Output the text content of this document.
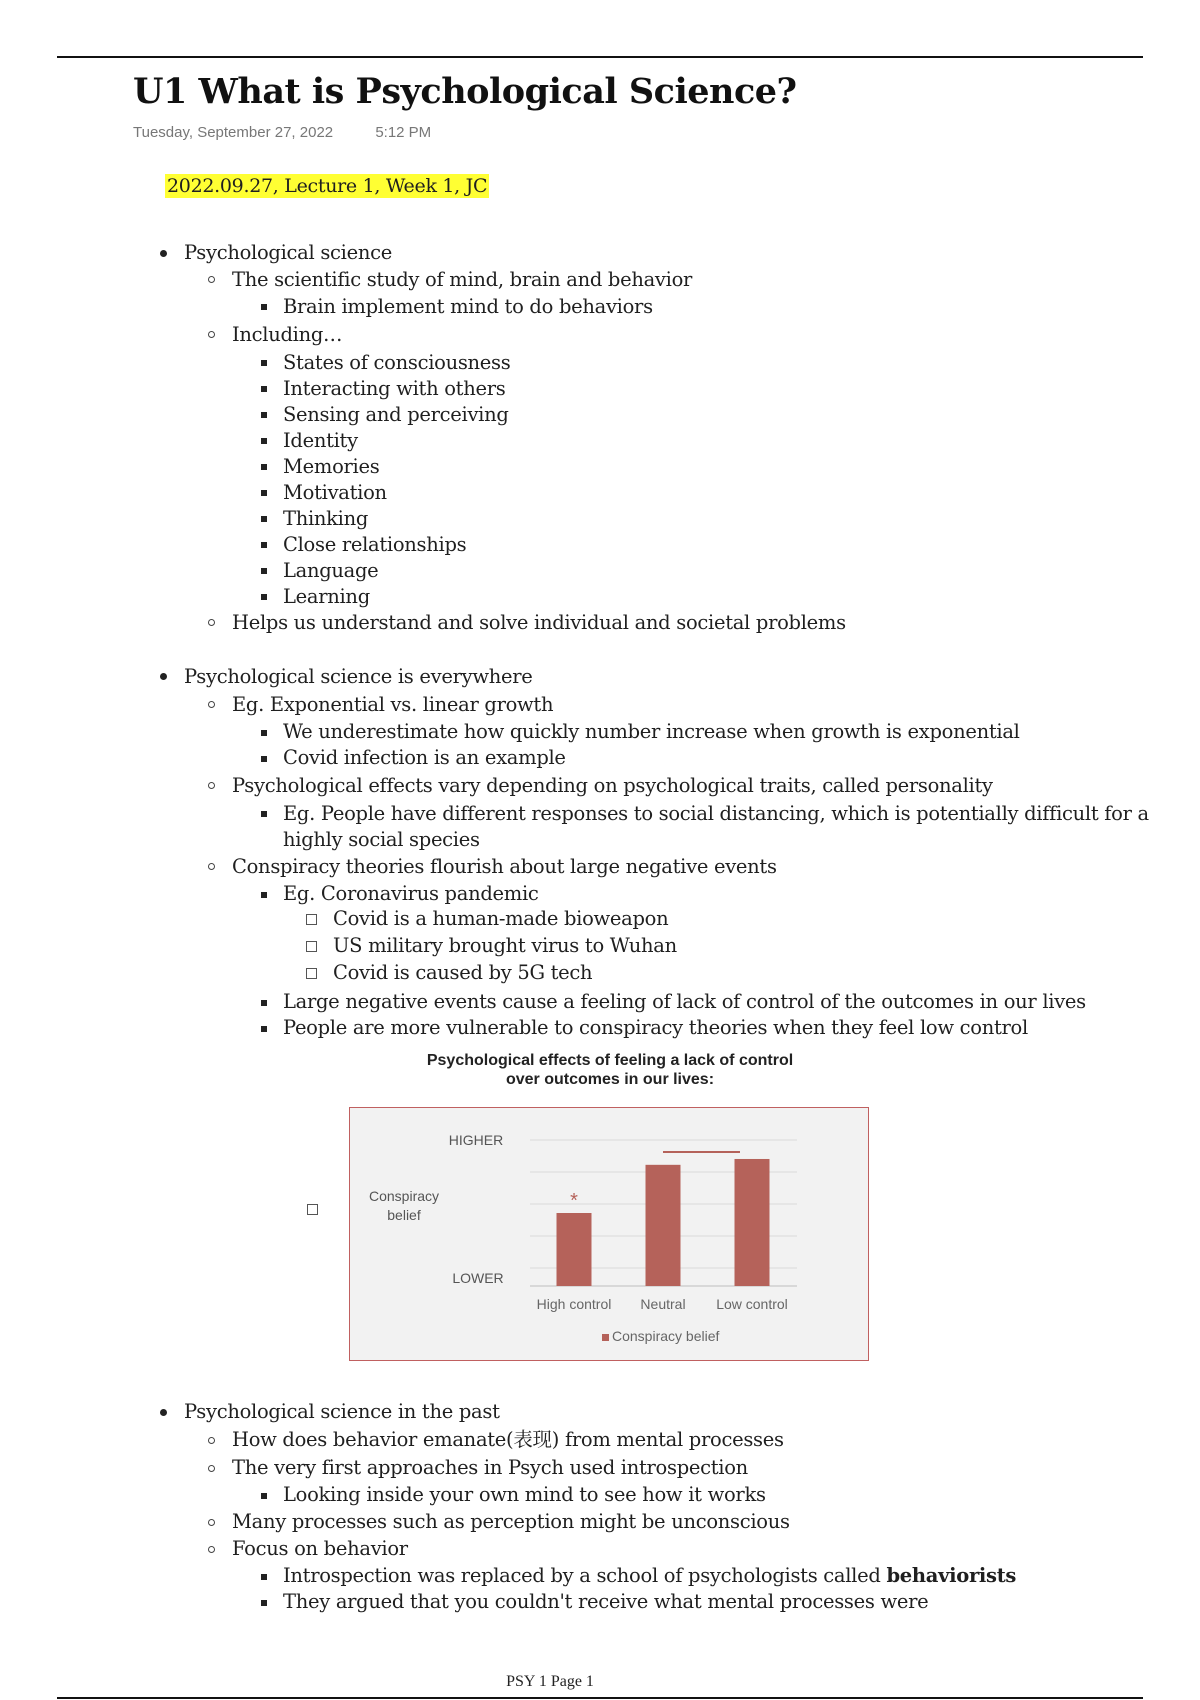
U1 What is Psychological Science?
Tuesday, September 27, 2022	5:12 PM
2022.09.27, Lecture 1, Week 1, JC
Psychological science
The scientific study of mind, brain and behavior
Brain implement mind to do behaviors
Including…
States of consciousness
Interacting with others
Sensing and perceiving
Identity
Memories
Motivation
Thinking
Close relationships
Language
Learning
Helps us understand and solve individual and societal problems
Psychological science is everywhere
Eg. Exponential vs. linear growth
We underestimate how quickly number increase when growth is exponential
Covid infection is an example
Psychological effects vary depending on psychological traits, called personality
Eg. People have different responses to social distancing, which is potentially difficult for a
highly social species
Conspiracy theories flourish about large negative events
Eg. Coronavirus pandemic
Covid is a human-made bioweapon
US military brought virus to Wuhan
Covid is caused by 5G tech
Large negative events cause a feeling of lack of control of the outcomes in our lives
People are more vulnerable to conspiracy theories when they feel low control
Psychological effects of feeling a lack of control
over outcomes in our lives:
HIGHER
LOWER
Conspiracy
belief
*
High control Neutral Low control
Conspiracy belief
Psychological science in the past
How does behavior emanate(表现) from mental processes
The very first approaches in Psych used introspection
Looking inside your own mind to see how it works
Many processes such as perception might be unconscious
Focus on behavior
Introspection was replaced by a school of psychologists called behaviorists
They argued that you couldn't receive what mental processes were
PSY 1 Page 1
